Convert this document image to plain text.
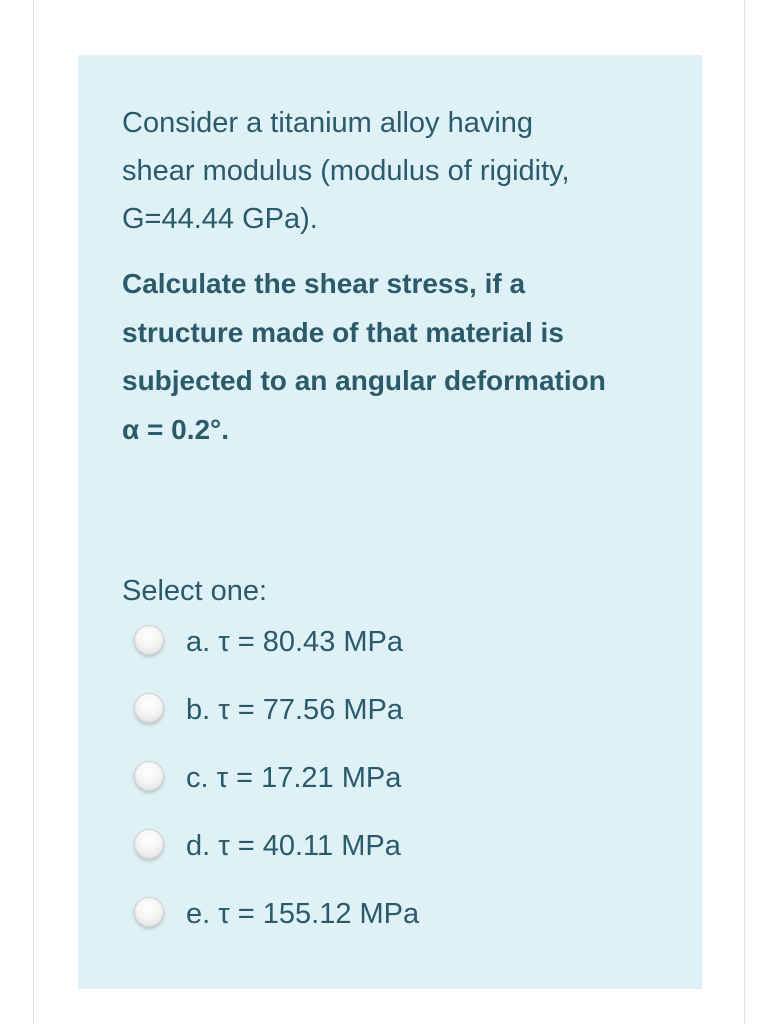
Consider a titanium alloy having
shear modulus (modulus of rigidity,
G=44.44 GPa).

Calculate the shear stress, if a
structure made of that material is
subjected to an angular deformation
α = 0.2°.

Select one:

a. τ = 80.43 MPa
b. τ = 77.56 MPa
c. τ = 17.21 MPa
d. τ = 40.11 MPa
e. τ = 155.12 MPa
